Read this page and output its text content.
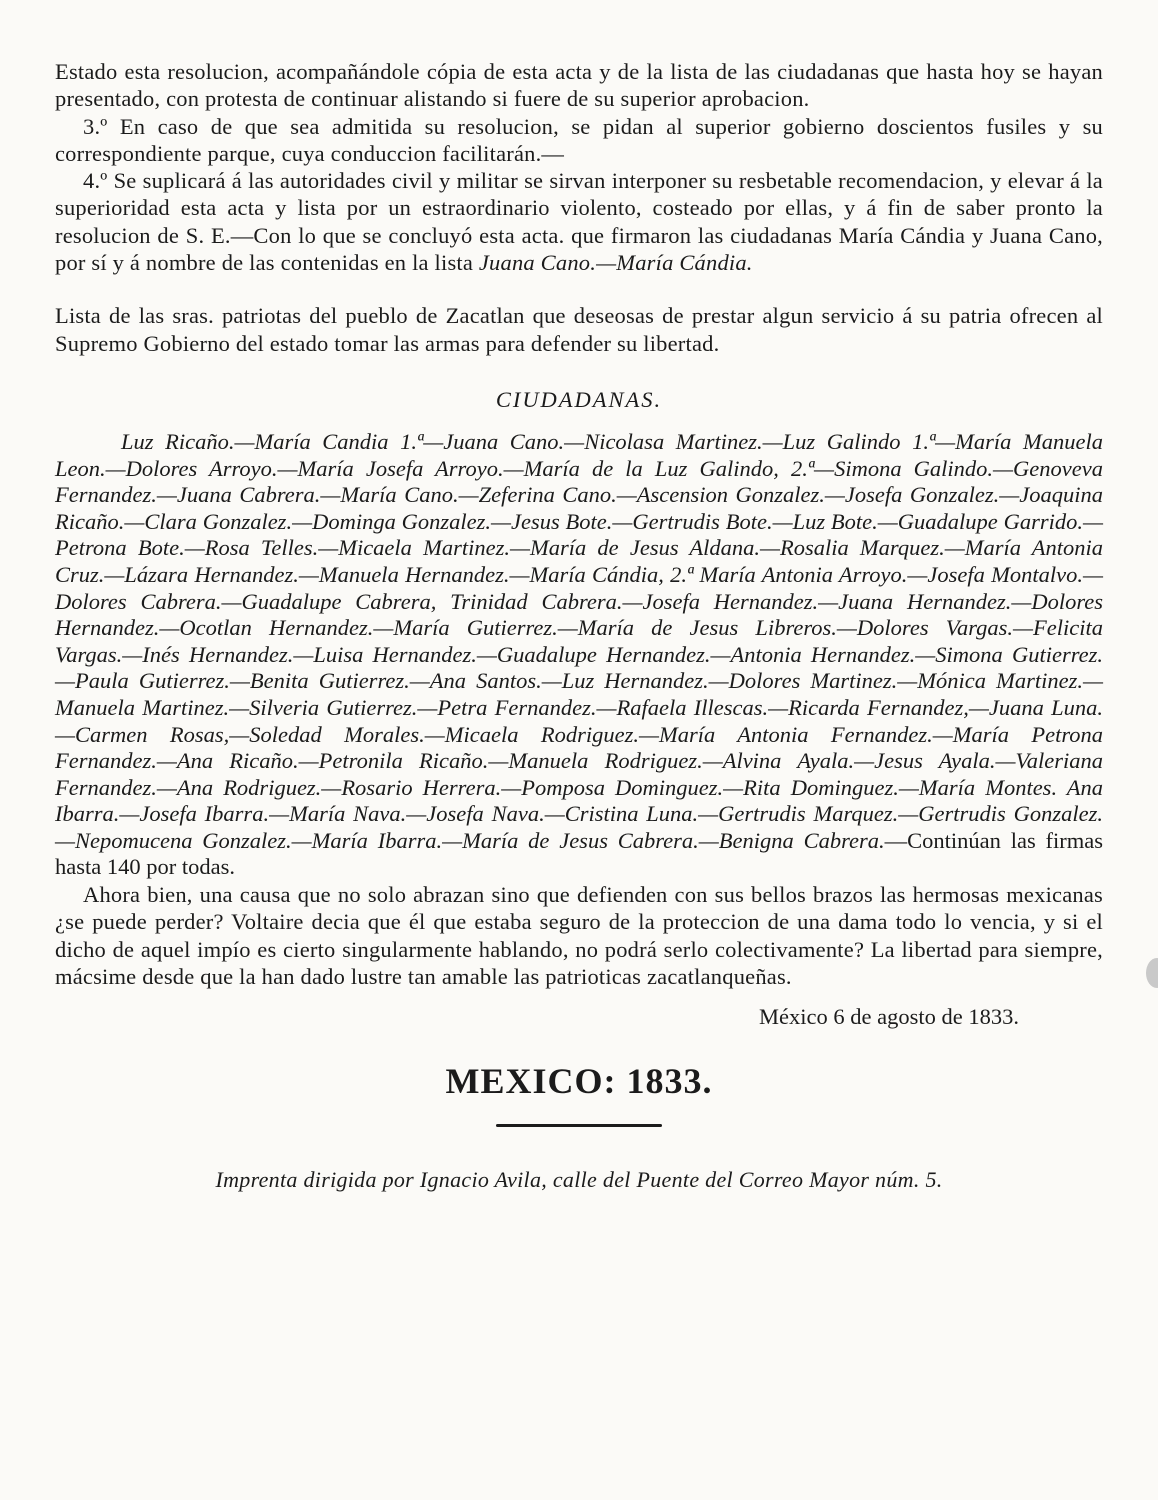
Estado esta resolucion, acompañándole cópia de esta acta y de la lista de las ciudadanas que hasta hoy se hayan presentado, con protesta de continuar alistando si fuere de su superior aprobacion.

3.º En caso de que sea admitida su resolucion, se pidan al superior gobierno doscientos fusiles y su correspondiente parque, cuya conduccion facilitarán.—

4.º Se suplicará á las autoridades civil y militar se sirvan interponer su resbetable recomendacion, y elevar á la superioridad esta acta y lista por un estraordinario violento, costeado por ellas, y á fin de saber pronto la resolucion de S. E.—Con lo que se concluyó esta acta. que firmaron las ciudadanas María Cándia y Juana Cano, por sí y á nombre de las contenidas en la lista Juana Cano.—María Cándia.

Lista de las sras. patriotas del pueblo de Zacatlan que deseosas de prestar algun servicio á su patria ofrecen al Supremo Gobierno del estado tomar las armas para defender su libertad.

CIUDADANAS.

Luz Ricaño.—María Candia 1.ª—Juana Cano.—Nicolasa Martinez.—Luz Galindo 1.ª—María Manuela Leon.—Dolores Arroyo.—María Josefa Arroyo.—María de la Luz Galindo, 2.ª—Simona Galindo.—Genoveva Fernandez.—Juana Cabrera.—María Cano.—Zeferina Cano.—Ascension Gonzalez.—Josefa Gonzalez.—Joaquina Ricaño.—Clara Gonzalez.—Dominga Gonzalez.—Jesus Bote.—Gertrudis Bote.—Luz Bote.—Guadalupe Garrido.—Petrona Bote.—Rosa Telles.—Micaela Martinez.—María de Jesus Aldana.—Rosalia Marquez.—María Antonia Cruz.—Lázara Hernandez.—Manuela Hernandez.—María Cándia, 2.ª María Antonia Arroyo.—Josefa Montalvo.—Dolores Cabrera.—Guadalupe Cabrera, Trinidad Cabrera.—Josefa Hernandez.—Juana Hernandez.—Dolores Hernandez.—Ocotlan Hernandez.—María Gutierrez.—María de Jesus Libreros.—Dolores Vargas.—Felicita Vargas.—Inés Hernandez.—Luisa Hernandez.—Guadalupe Hernandez.—Antonia Hernandez.—Simona Gutierrez.—Paula Gutierrez.—Benita Gutierrez.—Ana Santos.—Luz Hernandez.—Dolores Martinez.—Mónica Martinez.—Manuela Martinez.—Silveria Gutierrez.—Petra Fernandez.—Rafaela Illescas.—Ricarda Fernandez,—Juana Luna.—Carmen Rosas,—Soledad Morales.—Micaela Rodriguez.—María Antonia Fernandez.—María Petrona Fernandez.—Ana Ricaño.—Petronila Ricaño.—Manuela Rodriguez.—Alvina Ayala.—Jesus Ayala.—Valeriana Fernandez.—Ana Rodriguez.—Rosario Herrera.—Pomposa Dominguez.—Rita Dominguez.—María Montes. Ana Ibarra.—Josefa Ibarra.—María Nava.—Josefa Nava.—Cristina Luna.—Gertrudis Marquez.—Gertrudis Gonzalez.—Nepomucena Gonzalez.—María Ibarra.—María de Jesus Cabrera.—Benigna Cabrera.—Continúan las firmas hasta 140 por todas.

Ahora bien, una causa que no solo abrazan sino que defienden con sus bellos brazos las hermosas mexicanas ¿se puede perder? Voltaire decia que él que estaba seguro de la proteccion de una dama todo lo vencia, y si el dicho de aquel impío es cierto singularmente hablando, no podrá serlo colectivamente? La libertad para siempre, mácsime desde que la han dado lustre tan amable las patrioticas zacatlanqueñas.

México 6 de agosto de 1833.
MEXICO: 1833.
Imprenta dirigida por Ignacio Avila, calle del Puente del Correo Mayor núm. 5.
